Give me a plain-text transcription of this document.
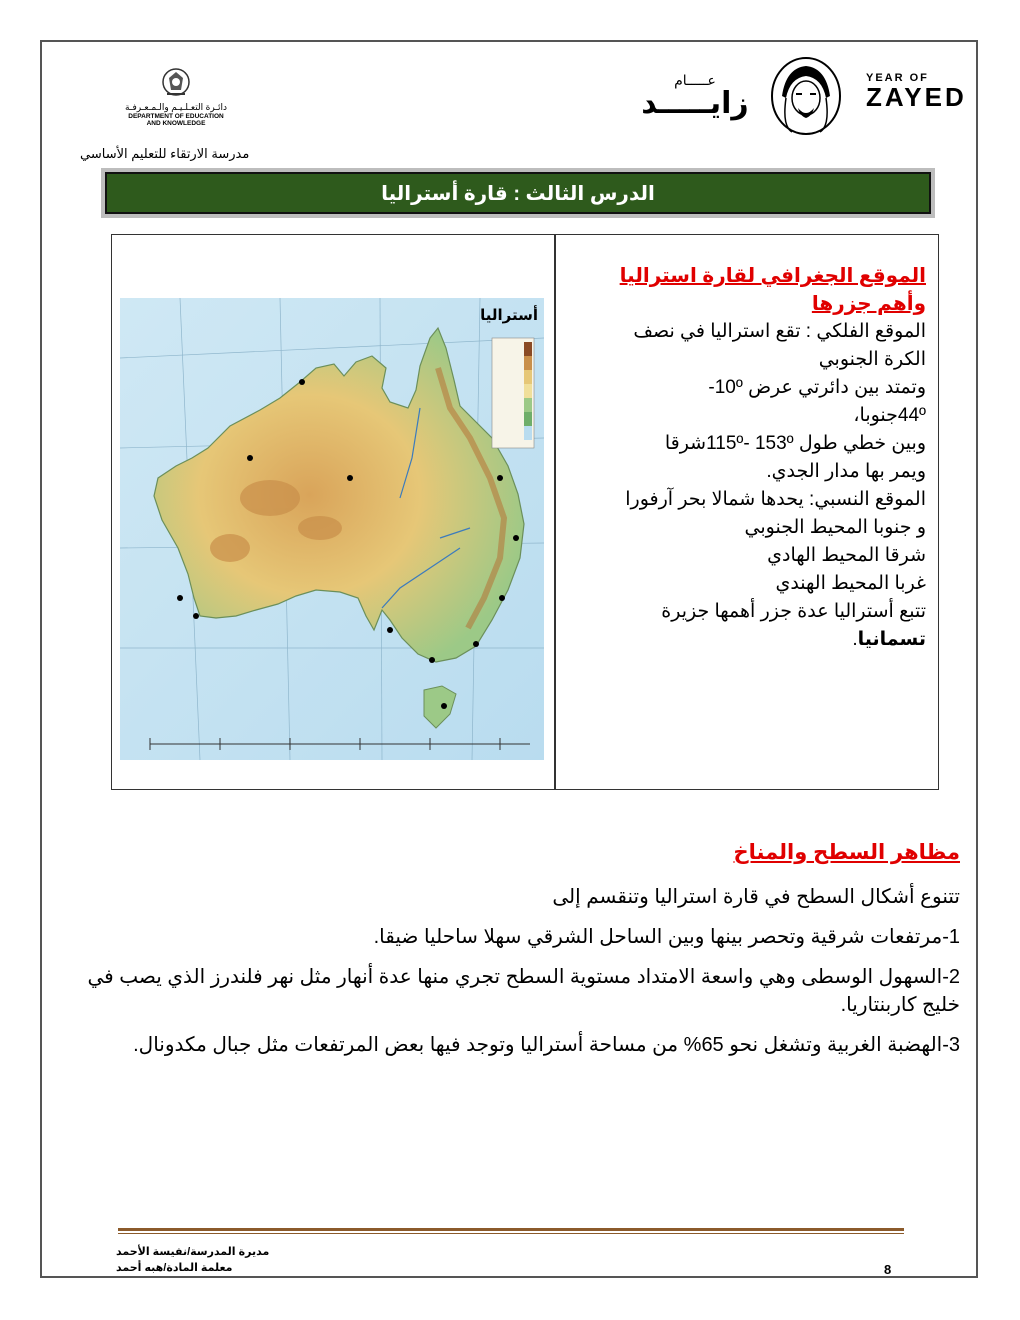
YEAR OF
ZAYED
عـــــام
زايـــــد
دائـرة التعـلـيـم والـمـعـرفـة
DEPARTMENT OF EDUCATION
AND KNOWLEDGE
مدرسة الارتقاء للتعليم الأساسي
الدرس الثالث : قارة أستراليا
أستراليا
الموقع الجغرافي لقارة استراليا
وأهم جزرها
الموقع الفلكي : تقع استراليا في نصف
الكرة الجنوبي
وتمتد بين دائرتي عرض 10º-
44ºجنوبا،
وبين خطي طول 115º- 153ºشرقا
ويمر بها مدار الجدي.
الموقع النسبي: يحدها شمالا بحر آرفورا
و جنوبا المحيط الجنوبي
شرقا المحيط الهادي
غربا المحيط الهندي
تتبع أستراليا عدة جزر أهمها جزيرة
تسمانيا.
مظاهر السطح والمناخ
تتنوع أشكال السطح في قارة استراليا وتنقسم إلى
1-مرتفعات شرقية وتحصر بينها وبين الساحل الشرقي سهلا ساحليا ضيقا.
2-السهول الوسطى وهي واسعة الامتداد مستوية السطح تجري منها عدة أنهار مثل نهر فلندرز الذي يصب في خليج كاربنتاريا.
3-الهضبة الغربية وتشغل نحو 65% من مساحة أستراليا وتوجد فيها بعض المرتفعات مثل جبال مكدونال.
مديرة المدرسة/نفيسة الأحمد
معلمة المادة/هبه أحمد	8
